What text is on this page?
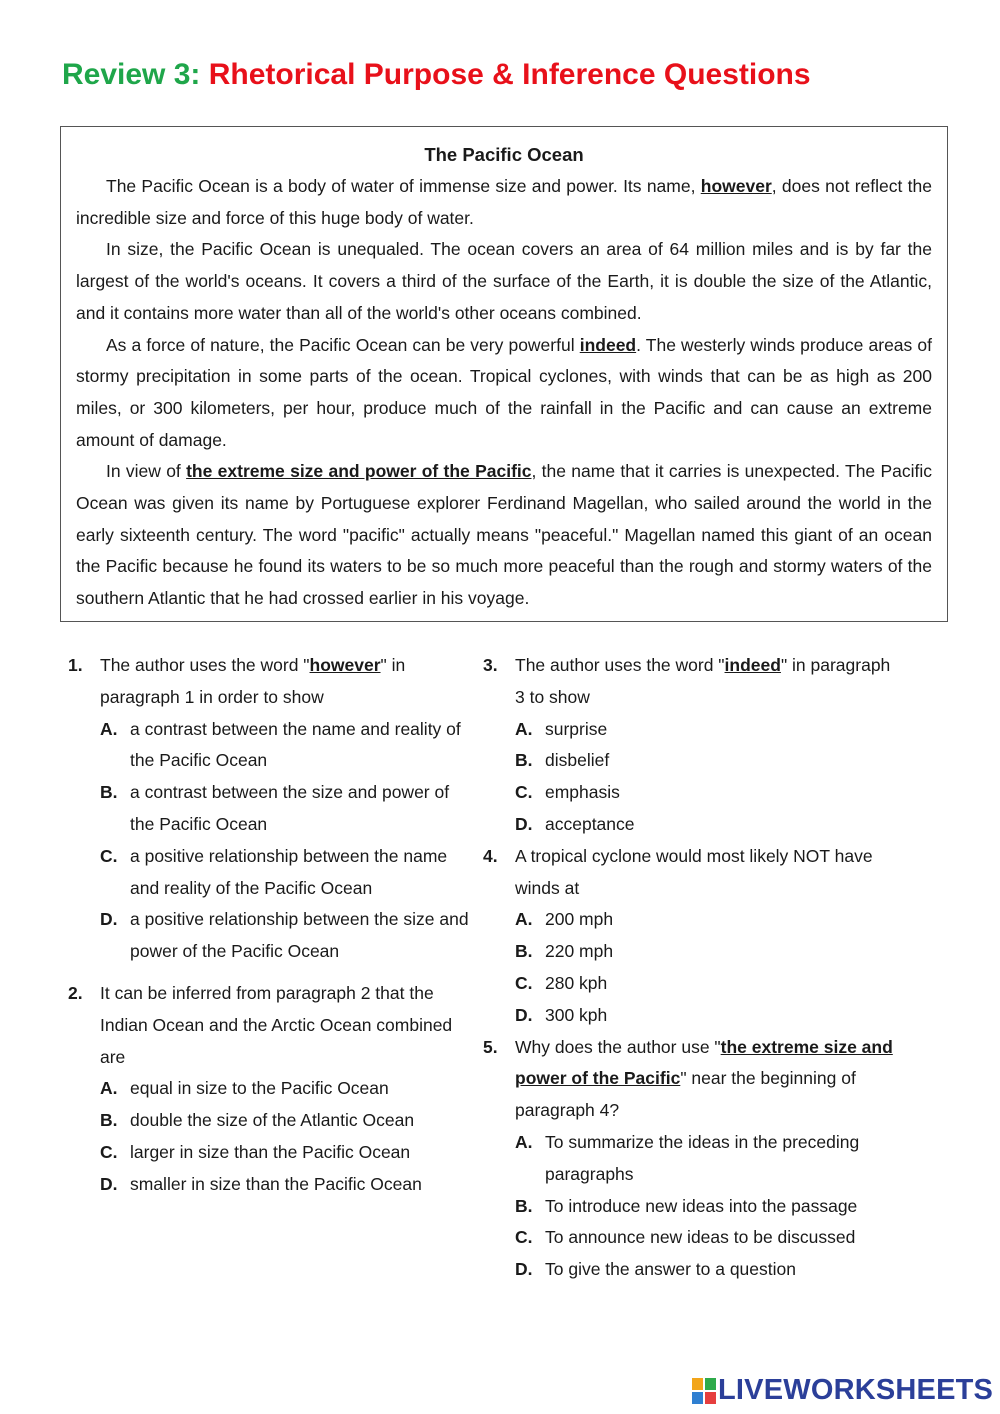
Review 3: Rhetorical Purpose & Inference Questions
The Pacific Ocean

The Pacific Ocean is a body of water of immense size and power. Its name, however, does not reflect the incredible size and force of this huge body of water.

In size, the Pacific Ocean is unequaled. The ocean covers an area of 64 million miles and is by far the largest of the world's oceans. It covers a third of the surface of the Earth, it is double the size of the Atlantic, and it contains more water than all of the world's other oceans combined.

As a force of nature, the Pacific Ocean can be very powerful indeed. The westerly winds produce areas of stormy precipitation in some parts of the ocean. Tropical cyclones, with winds that can be as high as 200 miles, or 300 kilometers, per hour, produce much of the rainfall in the Pacific and can cause an extreme amount of damage.

In view of the extreme size and power of the Pacific, the name that it carries is unexpected. The Pacific Ocean was given its name by Portuguese explorer Ferdinand Magellan, who sailed around the world in the early sixteenth century. The word "pacific" actually means "peaceful." Magellan named this giant of an ocean the Pacific because he found its waters to be so much more peaceful than the rough and stormy waters of the southern Atlantic that he had crossed earlier in his voyage.

1. The author uses the word "however" in paragraph 1 in order to show
A. a contrast between the name and reality of the Pacific Ocean
B. a contrast between the size and power of the Pacific Ocean
C. a positive relationship between the name and reality of the Pacific Ocean
D. a positive relationship between the size and power of the Pacific Ocean
2. It can be inferred from paragraph 2 that the Indian Ocean and the Arctic Ocean combined are
A. equal in size to the Pacific Ocean
B. double the size of the Atlantic Ocean
C. larger in size than the Pacific Ocean
D. smaller in size than the Pacific Ocean
3. The author uses the word "indeed" in paragraph 3 to show
A. surprise
B. disbelief
C. emphasis
D. acceptance
4. A tropical cyclone would most likely NOT have winds at
A. 200 mph
B. 220 mph
C. 280 kph
D. 300 kph
5. Why does the author use "the extreme size and power of the Pacific" near the beginning of paragraph 4?
A. To summarize the ideas in the preceding paragraphs
B. To introduce new ideas into the passage
C. To announce new ideas to be discussed
D. To give the answer to a question
LIVEWORKSHEETS
